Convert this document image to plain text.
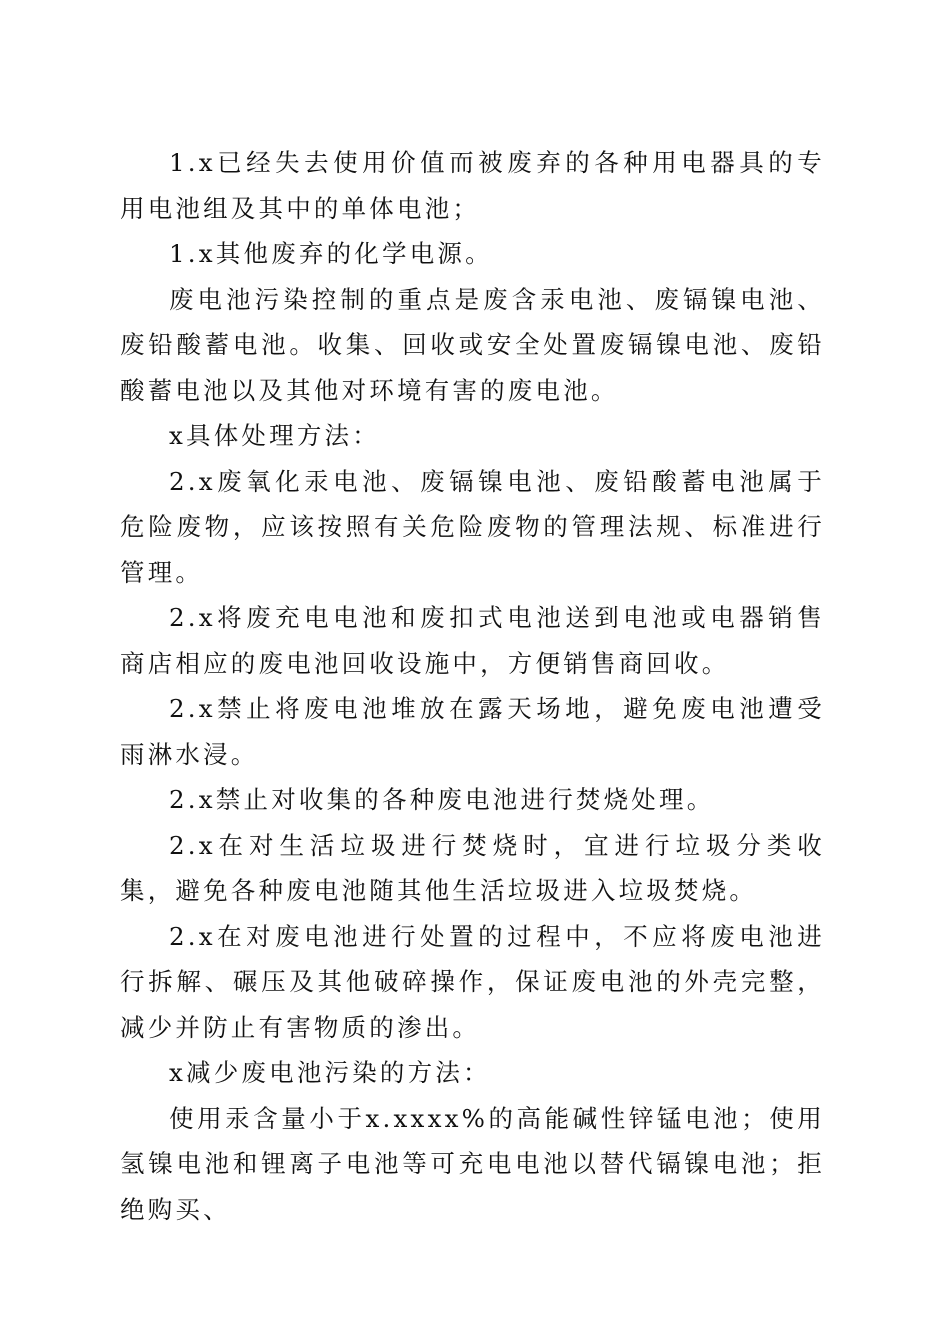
1.x已经失去使用价值而被废弃的各种用电器具的专用电池组及其中的单体电池；

1.x其他废弃的化学电源。

废电池污染控制的重点是废含汞电池、废镉镍电池、废铅酸蓄电池。收集、回收或安全处置废镉镍电池、废铅酸蓄电池以及其他对环境有害的废电池。

x具体处理方法：

2.x废氧化汞电池、废镉镍电池、废铅酸蓄电池属于危险废物，应该按照有关危险废物的管理法规、标准进行管理。

2.x将废充电电池和废扣式电池送到电池或电器销售商店相应的废电池回收设施中，方便销售商回收。

2.x禁止将废电池堆放在露天场地，避免废电池遭受雨淋水浸。

2.x禁止对收集的各种废电池进行焚烧处理。

2.x在对生活垃圾进行焚烧时，宜进行垃圾分类收集，避免各种废电池随其他生活垃圾进入垃圾焚烧。

2.x在对废电池进行处置的过程中，不应将废电池进行拆解、碾压及其他破碎操作，保证废电池的外壳完整，减少并防止有害物质的渗出。

x减少废电池污染的方法：

使用汞含量小于x.xxxx%的高能碱性锌锰电池；使用氢镍电池和锂离子电池等可充电电池以替代镉镍电池；拒绝购买、
